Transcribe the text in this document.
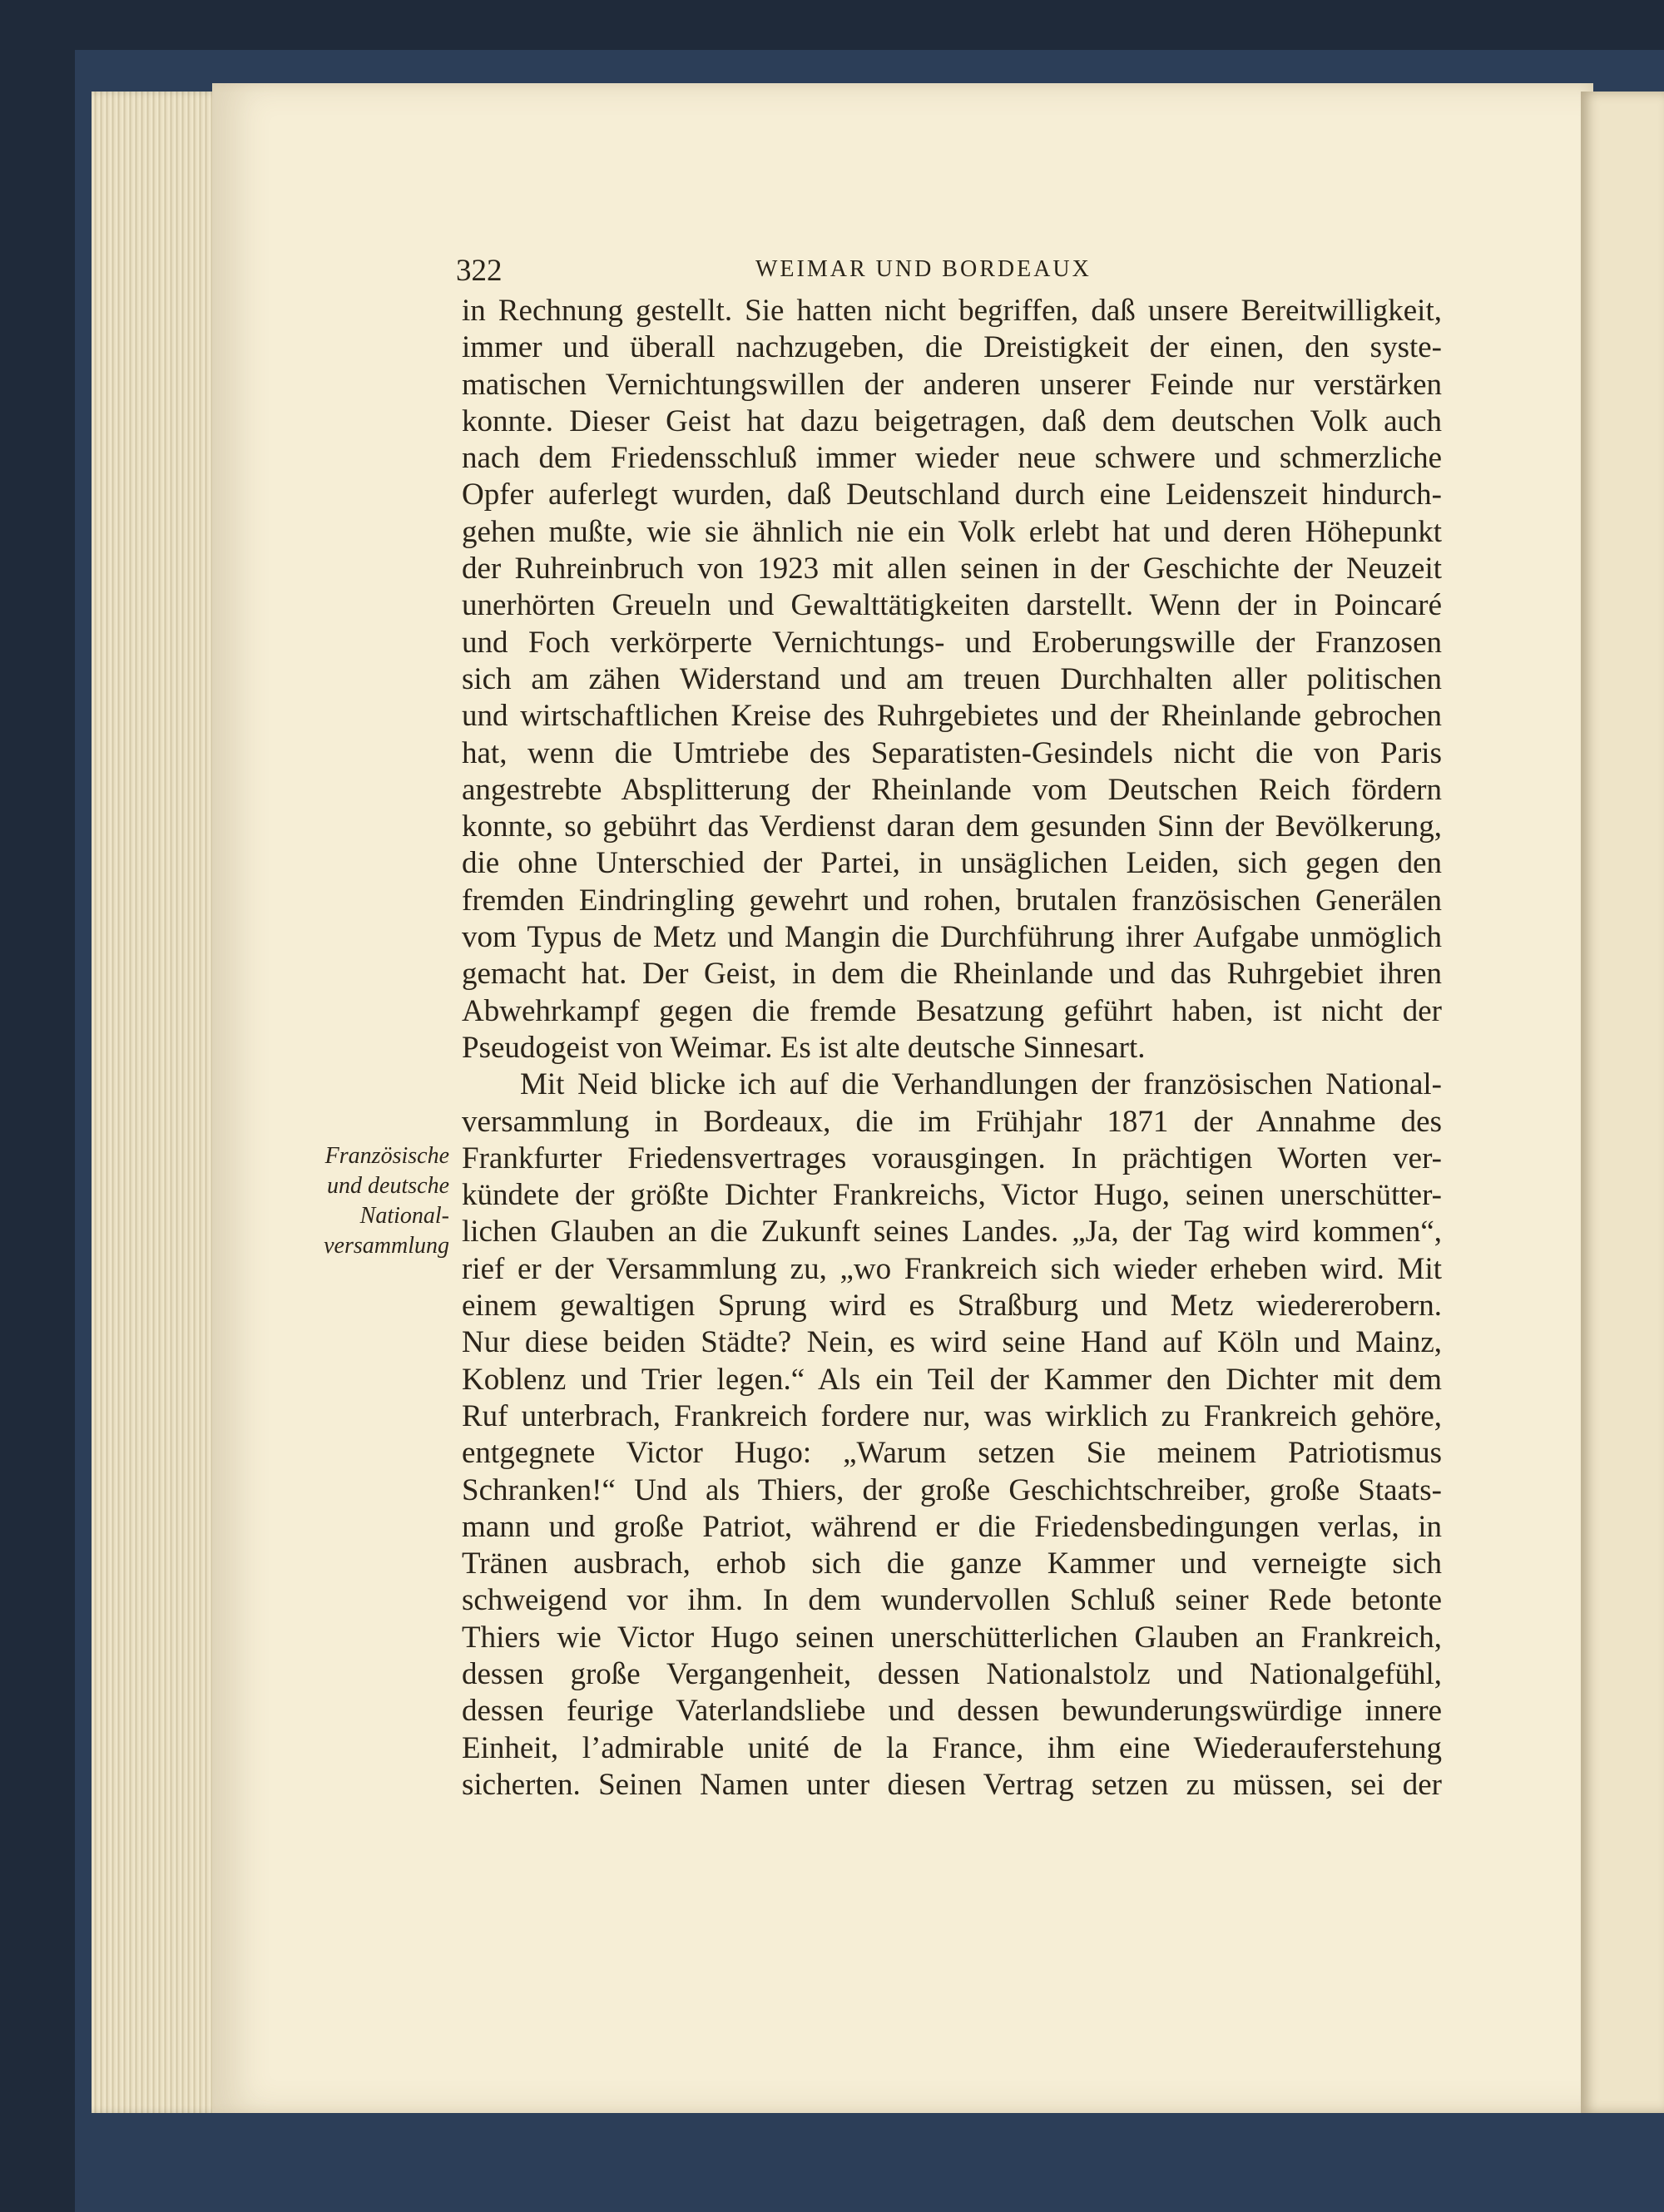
322	WEIMAR UND BORDEAUX
Französische
und deutsche
National-
versammlung
in Rechnung gestellt. Sie hatten nicht begriffen, daß unsere Bereitwilligkeit,
immer und überall nachzugeben, die Dreistigkeit der einen, den syste-
matischen Vernichtungswillen der anderen unserer Feinde nur verstärken
konnte. Dieser Geist hat dazu beigetragen, daß dem deutschen Volk auch
nach dem Friedensschluß immer wieder neue schwere und schmerzliche
Opfer auferlegt wurden, daß Deutschland durch eine Leidenszeit hindurch-
gehen mußte, wie sie ähnlich nie ein Volk erlebt hat und deren Höhepunkt
der Ruhreinbruch von 1923 mit allen seinen in der Geschichte der Neuzeit
unerhörten Greueln und Gewalttätigkeiten darstellt. Wenn der in Poincaré
und Foch verkörperte Vernichtungs- und Eroberungswille der Franzosen
sich am zähen Widerstand und am treuen Durchhalten aller politischen
und wirtschaftlichen Kreise des Ruhrgebietes und der Rheinlande gebrochen
hat, wenn die Umtriebe des Separatisten-Gesindels nicht die von Paris
angestrebte Absplitterung der Rheinlande vom Deutschen Reich fördern
konnte, so gebührt das Verdienst daran dem gesunden Sinn der Bevölkerung,
die ohne Unterschied der Partei, in unsäglichen Leiden, sich gegen den
fremden Eindringling gewehrt und rohen, brutalen französischen Generälen
vom Typus de Metz und Mangin die Durchführung ihrer Aufgabe unmöglich
gemacht hat. Der Geist, in dem die Rheinlande und das Ruhrgebiet ihren
Abwehrkampf gegen die fremde Besatzung geführt haben, ist nicht der
Pseudogeist von Weimar. Es ist alte deutsche Sinnesart.
Mit Neid blicke ich auf die Verhandlungen der französischen National-
versammlung in Bordeaux, die im Frühjahr 1871 der Annahme des
Frankfurter Friedensvertrages vorausgingen. In prächtigen Worten ver-
kündete der größte Dichter Frankreichs, Victor Hugo, seinen unerschütter-
lichen Glauben an die Zukunft seines Landes. „Ja, der Tag wird kommen“,
rief er der Versammlung zu, „wo Frankreich sich wieder erheben wird. Mit
einem gewaltigen Sprung wird es Straßburg und Metz wiedererobern.
Nur diese beiden Städte? Nein, es wird seine Hand auf Köln und Mainz,
Koblenz und Trier legen.“ Als ein Teil der Kammer den Dichter mit dem
Ruf unterbrach, Frankreich fordere nur, was wirklich zu Frankreich gehöre,
entgegnete Victor Hugo: „Warum setzen Sie meinem Patriotismus
Schranken!“ Und als Thiers, der große Geschichtschreiber, große Staats-
mann und große Patriot, während er die Friedensbedingungen verlas, in
Tränen ausbrach, erhob sich die ganze Kammer und verneigte sich
schweigend vor ihm. In dem wundervollen Schluß seiner Rede betonte
Thiers wie Victor Hugo seinen unerschütterlichen Glauben an Frankreich,
dessen große Vergangenheit, dessen Nationalstolz und Nationalgefühl,
dessen feurige Vaterlandsliebe und dessen bewunderungswürdige innere
Einheit, l’admirable unité de la France, ihm eine Wiederauferstehung
sicherten. Seinen Namen unter diesen Vertrag setzen zu müssen, sei der
